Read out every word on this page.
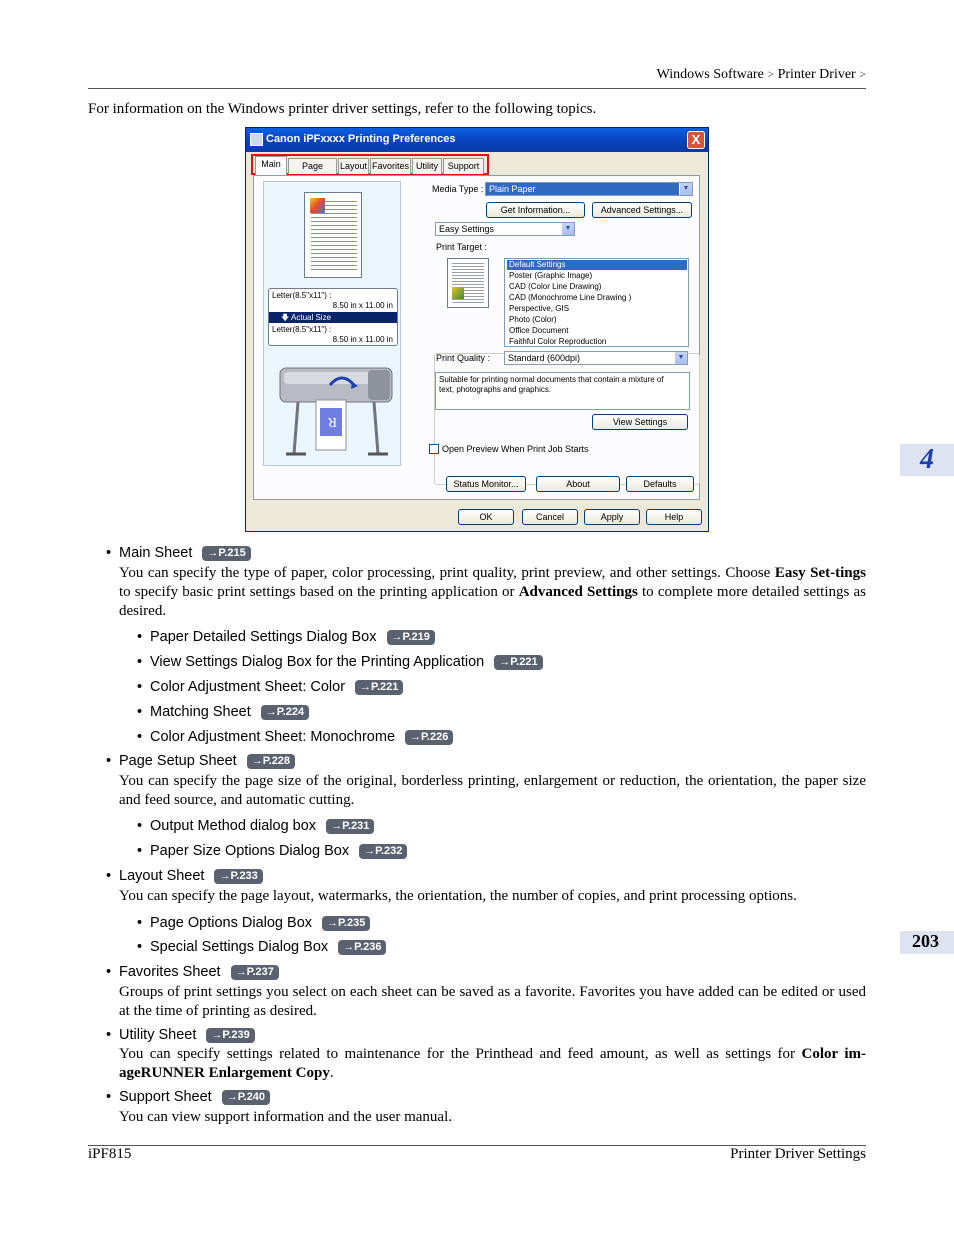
Windows Software > Printer Driver >
For information on the Windows printer driver settings, refer to the following topics.
4
203
Canon iPFxxxx Printing Preferences	X
Main	Page	Layout Favorites Utility	Support
Letter(8.5"x11") :
8.50 in x 11.00 in
🡇 Actual Size
Letter(8.5"x11") :
8.50 in x 11.00 in
R
Media Type : Plain Paper	▼
Get Information...	Advanced Settings...
Easy Settings	▼
Print Target :
Default Settings
Poster (Graphic Image)
CAD (Color Line Drawing)
CAD (Monochrome Line Drawing )
Perspective, GIS
Photo (Color)
Office Document
Faithful Color Reproduction
Print Quality :	Standard (600dpi)	▼
Suitable for printing normal documents that contain a mixture of text, photographs and graphics.
View Settings
Open Preview When Print Job Starts
Status Monitor...	About	Defaults
OK	Cancel	Apply	Help
• Main Sheet →P.215
You can specify the type of paper, color processing, print quality, print preview, and other settings. Choose Easy Set-tings to specify basic print settings based on the printing application or Advanced Settings to complete more detailed settings as desired.
• Paper Detailed Settings Dialog Box →P.219
• View Settings Dialog Box for the Printing Application →P.221
• Color Adjustment Sheet: Color →P.221
• Matching Sheet →P.224
• Color Adjustment Sheet: Monochrome →P.226
• Page Setup Sheet →P.228
You can specify the page size of the original, borderless printing, enlargement or reduction, the orientation, the paper size and feed source, and automatic cutting.
• Output Method dialog box →P.231
• Paper Size Options Dialog Box →P.232
• Layout Sheet →P.233
You can specify the page layout, watermarks, the orientation, the number of copies, and print processing options.
• Page Options Dialog Box →P.235
• Special Settings Dialog Box →P.236
• Favorites Sheet →P.237
Groups of print settings you select on each sheet can be saved as a favorite. Favorites you have added can be edited or used at the time of printing as desired.
• Utility Sheet →P.239
You can specify settings related to maintenance for the Printhead and feed amount, as well as settings for Color im-ageRUNNER Enlargement Copy.
• Support Sheet →P.240
You can view support information and the user manual.
iPF815	Printer Driver Settings
